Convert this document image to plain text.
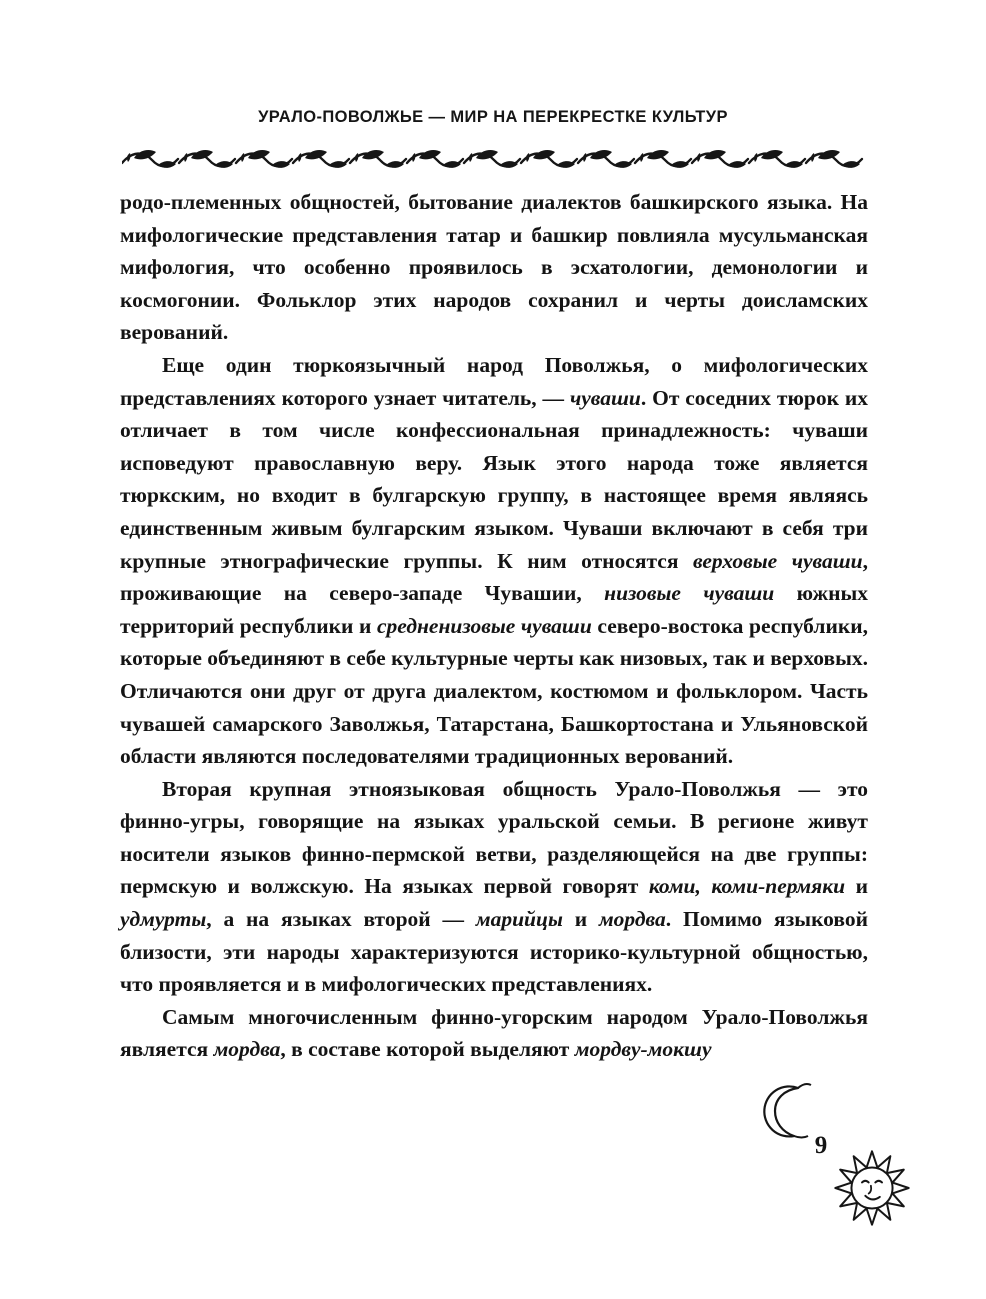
УРАЛО-ПОВОЛЖЬЕ — МИР НА ПЕРЕКРЕСТКЕ КУЛЬТУР

родо-племенных общностей, бытование диалектов башкирского языка. На мифологические представления татар и башкир повлияла мусульманская мифология, что особенно проявилось в эсхатологии, демонологии и космогонии. Фольклор этих народов сохранил и черты доисламских верований.

Еще один тюркоязычный народ Поволжья, о мифологических представлениях которого узнает читатель, — чуваши. От соседних тюрок их отличает в том числе конфессиональная принадлежность: чуваши исповедуют православную веру. Язык этого народа тоже является тюркским, но входит в булгарскую группу, в настоящее время являясь единственным живым булгарским языком. Чуваши включают в себя три крупные этнографические группы. К ним относятся верховые чуваши, проживающие на северо-западе Чувашии, низовые чуваши южных территорий республики и средненизовые чуваши северо-востока республики, которые объединяют в себе культурные черты как низовых, так и верховых. Отличаются они друг от друга диалектом, костюмом и фольклором. Часть чувашей самарского Заволжья, Татарстана, Башкортостана и Ульяновской области являются последователями традиционных верований.

Вторая крупная этноязыковая общность Урало-Поволжья — это финно-угры, говорящие на языках уральской семьи. В регионе живут носители языков финно-пермской ветви, разделяющейся на две группы: пермскую и волжскую. На языках первой говорят коми, коми-пермяки и удмурты, а на языках второй — марийцы и мордва. Помимо языковой близости, эти народы характеризуются историко-культурной общностью, что проявляется и в мифологических представлениях.

Самым многочисленным финно-угорским народом Урало-Поволжья является мордва, в составе которой выделяют мордву-мокшу

9
